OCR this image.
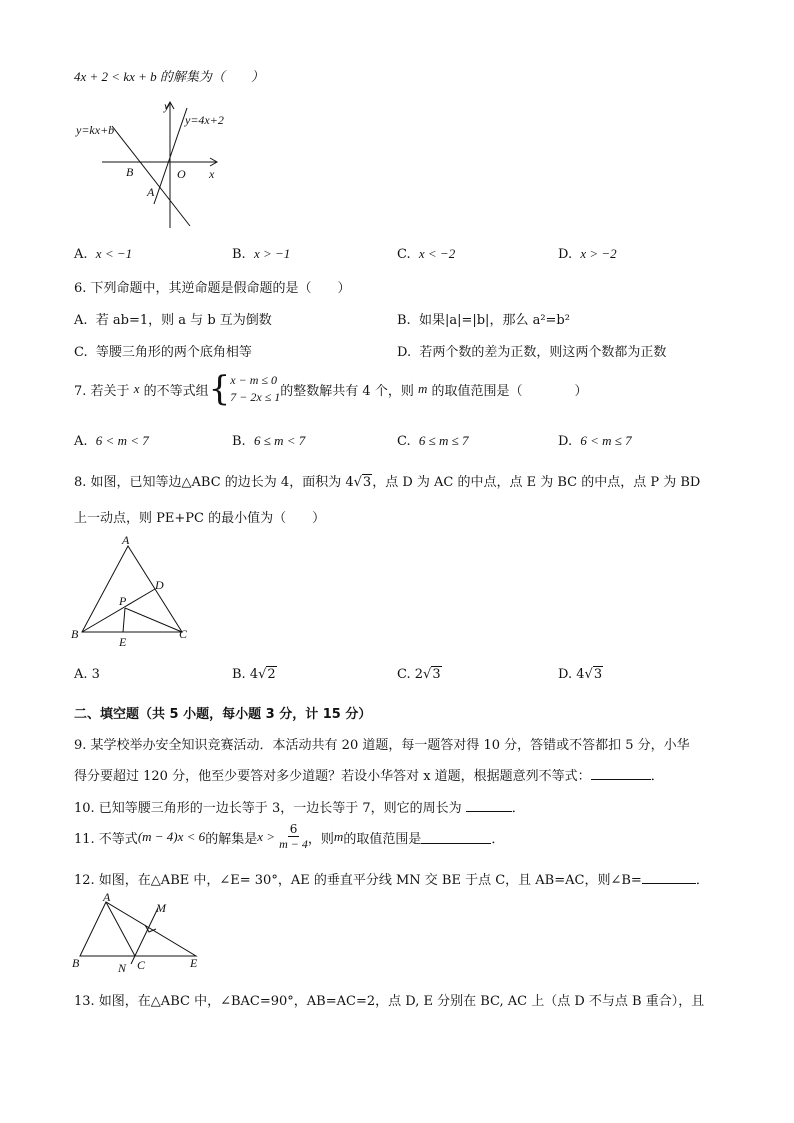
4x + 2 < kx + b 的解集为（　　）
y
x
O
B
A
y=kx+b
y=4x+2
A. x < −1	B. x > −1	C. x < −2	D. x > −2
6. 下列命题中，其逆命题是假命题的是（　　）
A. 若 ab=1，则 a 与 b 互为倒数	B. 如果|a|=|b|，那么 a²=b²
C. 等腰三角形的两个底角相等	D. 若两个数的差为正数，则这两个数都为正数
7. 若关于
x
的不等式组 { x − m ≤ 0
7 − 2x ≤ 1 的整数解共有 4 个，则
m
的取值范围是（　　　　）
A. 6 < m < 7	B. 6 ≤ m < 7	C. 6 ≤ m ≤ 7	D. 6 < m ≤ 7
8. 如图，已知等边△ABC 的边长为 4，面积为 4√3，点 D 为 AC 的中点，点 E 为 BC 的中点，点 P 为 BD
上一动点，则 PE+PC 的最小值为（　　）
A
B	C
D
E
P
A. 3	B. 4√2	C. 2√3	D. 4√3
二、填空题（共 5 小题，每小题 3 分，计 15 分）
9. 某学校举办安全知识竞赛活动．本活动共有 20 道题，每一题答对得 10 分，答错或不答都扣 5 分，小华
得分要超过 120 分，他至少要答对多少道题？若设小华答对 x 道题，根据题意列不等式：	．
10. 已知等腰三角形的一边长等于 3，一边长等于 7，则它的周长为	．
11. 不等式 (m − 4)x < 6 的解集是 x >
$\frac{6}{m - 4}$ ，则 m 的取值范围是	．
12. 如图，在△ABE 中，∠E= 30°，AE 的垂直平分线 MN 交 BE 于点 C，且 AB=AC，则∠B=	．
A
B	C	E
M
N
13. 如图，在△ABC 中，∠BAC=90°，AB=AC=2，点 D, E 分别在 BC, AC 上（点 D 不与点 B 重合），且
